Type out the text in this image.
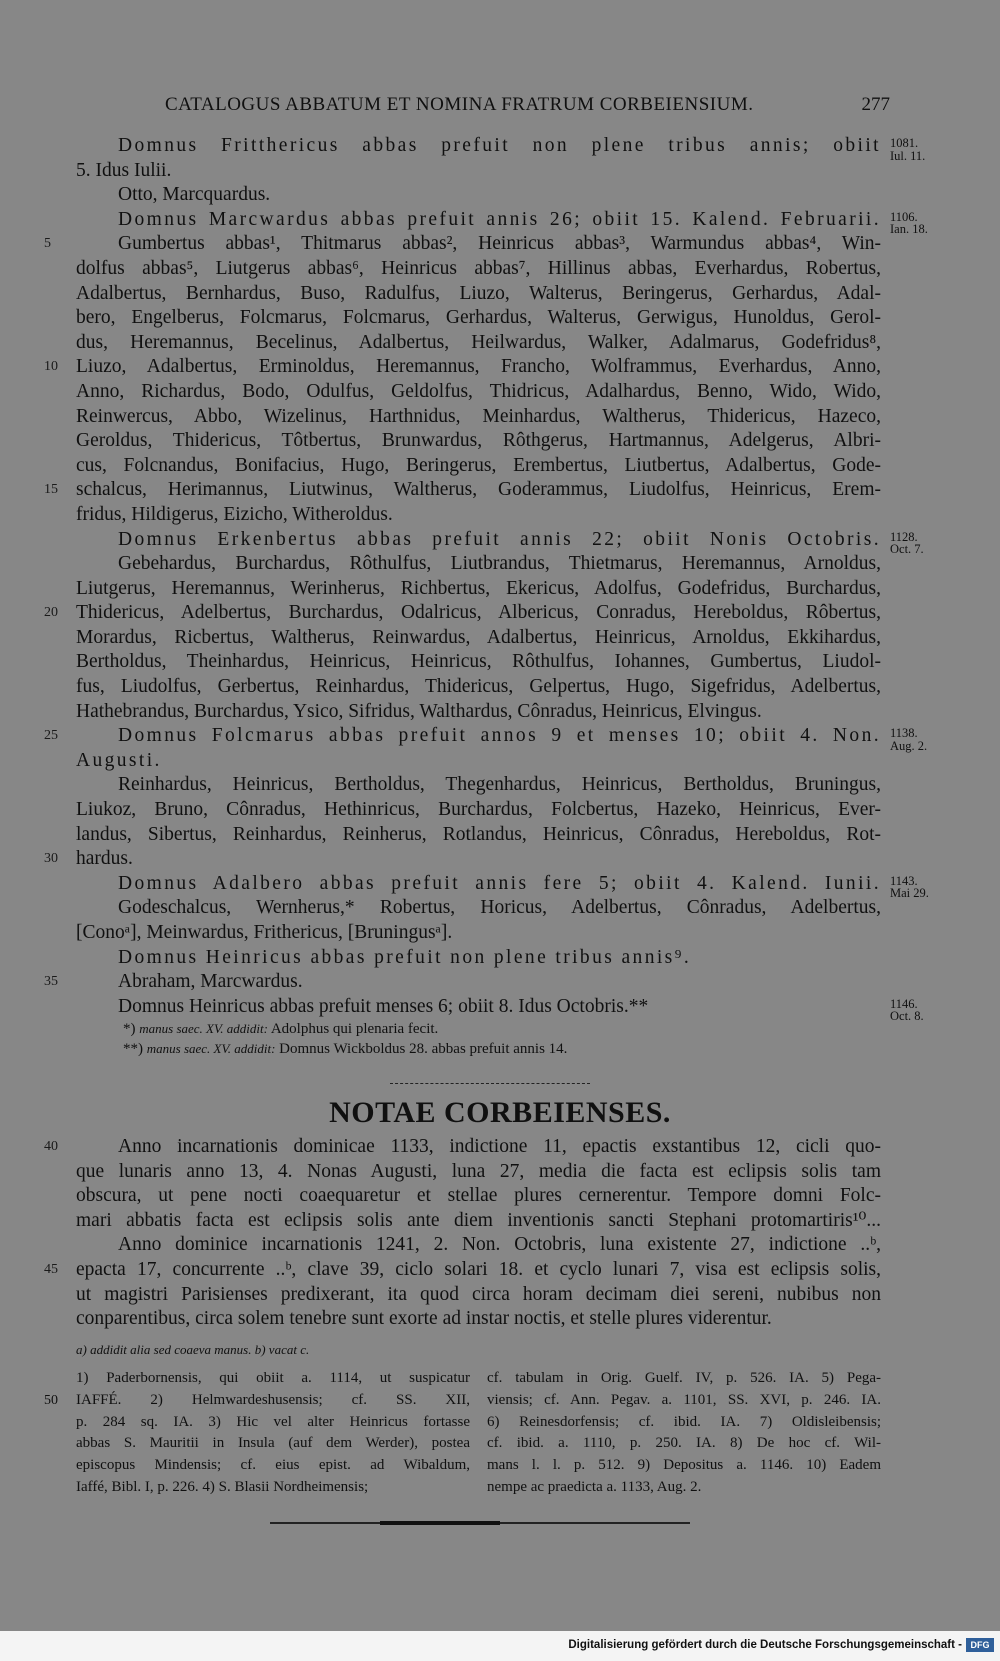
CATALOGUS ABBATUM ET NOMINA FRATRUM CORBEIENSIUM.	277
Domnus Fritthericus abbas prefuit non plene tribus annis; obiit 1081.
Iul. 11.
5. Idus Iulii.
Otto, Marcquardus.
Domnus Marcwardus abbas prefuit annis 26; obiit 15. Kalend. Februarii. 1106.
Ian. 18.
5	Gumbertus abbas¹, Thitmarus abbas², Heinricus abbas³, Warmundus abbas⁴, Win-
dolfus abbas⁵, Liutgerus abbas⁶, Heinricus abbas⁷, Hillinus abbas, Everhardus, Robertus,
Adalbertus, Bernhardus, Buso, Radulfus, Liuzo, Walterus, Beringerus, Gerhardus, Adal-
bero, Engelberus, Folcmarus, Folcmarus, Gerhardus, Walterus, Gerwigus, Hunoldus, Gerol-
dus, Heremannus, Becelinus, Adalbertus, Heilwardus, Walker, Adalmarus, Godefridus⁸,
10 Liuzo, Adalbertus, Erminoldus, Heremannus, Francho, Wolframmus, Everhardus, Anno,
Anno, Richardus, Bodo, Odulfus, Geldolfus, Thidricus, Adalhardus, Benno, Wido, Wido,
Reinwercus, Abbo, Wizelinus, Harthnidus, Meinhardus, Waltherus, Thidericus, Hazeco,
Geroldus, Thidericus, Tôtbertus, Brunwardus, Rôthgerus, Hartmannus, Adelgerus, Albri-
cus, Folcnandus, Bonifacius, Hugo, Beringerus, Erembertus, Liutbertus, Adalbertus, Gode-
15 schalcus, Herimannus, Liutwinus, Waltherus, Goderammus, Liudolfus, Heinricus, Erem-
fridus, Hildigerus, Eizicho, Witheroldus.
Domnus Erkenbertus abbas prefuit annis 22; obiit Nonis Octobris. 1128.
Oct. 7.
Gebehardus, Burchardus, Rôthulfus, Liutbrandus, Thietmarus, Heremannus, Arnoldus,
Liutgerus, Heremannus, Werinherus, Richbertus, Ekericus, Adolfus, Godefridus, Burchardus,
20 Thidericus, Adelbertus, Burchardus, Odalricus, Albericus, Conradus, Hereboldus, Rôbertus,
Morardus, Ricbertus, Waltherus, Reinwardus, Adalbertus, Heinricus, Arnoldus, Ekkihardus,
Bertholdus, Theinhardus, Heinricus, Heinricus, Rôthulfus, Iohannes, Gumbertus, Liudol-
fus, Liudolfus, Gerbertus, Reinhardus, Thidericus, Gelpertus, Hugo, Sigefridus, Adelbertus,
Hathebrandus, Burchardus, Ysico, Sifridus, Walthardus, Cônradus, Heinricus, Elvingus.
25	Domnus Folcmarus abbas prefuit annos 9 et menses 10; obiit 4. Non. 1138.
Aug. 2.
Augusti.
Reinhardus, Heinricus, Bertholdus, Thegenhardus, Heinricus, Bertholdus, Bruningus,
Liukoz, Bruno, Cônradus, Hethinricus, Burchardus, Folcbertus, Hazeko, Heinricus, Ever-
landus, Sibertus, Reinhardus, Reinherus, Rotlandus, Heinricus, Cônradus, Hereboldus, Rot-
30 hardus.
Domnus Adalbero abbas prefuit annis fere 5; obiit 4. Kalend. Iunii. 1143.
Mai 29.
Godeschalcus, Wernherus,* Robertus, Horicus, Adelbertus, Cônradus, Adelbertus,
[Conoᵃ], Meinwardus, Frithericus, [Bruningusᵃ].
Domnus Heinricus abbas prefuit non plene tribus annis⁹.
35	Abraham, Marcwardus.
Domnus Heinricus abbas prefuit menses 6; obiit 8. Idus Octobris.**	1146.
Oct. 8.
*) manus saec. XV. addidit: Adolphus qui plenaria fecit.
**) manus saec. XV. addidit: Domnus Wickboldus 28. abbas prefuit annis 14.
NOTAE CORBEIENSES.
40	Anno incarnationis dominicae 1133, indictione 11, epactis exstantibus 12, cicli quo-
que lunaris anno 13, 4. Nonas Augusti, luna 27, media die facta est eclipsis solis tam
obscura, ut pene nocti coaequaretur et stellae plures cernerentur. Tempore domni Folc-
mari abbatis facta est eclipsis solis ante diem inventionis sancti Stephani protomartiris¹⁰...
Anno dominice incarnationis 1241, 2. Non. Octobris, luna existente 27, indictione ..ᵇ,
45 epacta 17, concurrente ..ᵇ, clave 39, ciclo solari 18. et cyclo lunari 7, visa est eclipsis solis,
ut magistri Parisienses predixerant, ita quod circa horam decimam diei sereni, nubibus non
conparentibus, circa solem tenebre sunt exorte ad instar noctis, et stelle plures viderentur.
a) addidit alia sed coaeva manus. b) vacat c.
1) Paderbornensis, qui obiit a. 1114, ut suspicatur cf. tabulam in Orig. Guelf. IV, p. 526. IA. 5) Pega-
50 IAFFÉ. 2) Helmwardeshusensis; cf. SS. XII, viensis; cf. Ann. Pegav. a. 1101, SS. XVI, p. 246. IA.
p. 284 sq. IA. 3) Hic vel alter Heinricus fortasse 6) Reinesdorfensis; cf. ibid. IA. 7) Oldisleibensis;
abbas S. Mauritii in Insula (auf dem Werder), postea cf. ibid. a. 1110, p. 250. IA. 8) De hoc cf. Wil-
episcopus Mindensis; cf. eius epist. ad Wibaldum, mans l. l. p. 512. 9) Depositus a. 1146. 10) Eadem
Iaffé, Bibl. I, p. 226. 4) S. Blasii Nordheimensis;	nempe ac praedicta a. 1133, Aug. 2.
Digitalisierung gefördert durch die Deutsche Forschungsgemeinschaft - DFG
